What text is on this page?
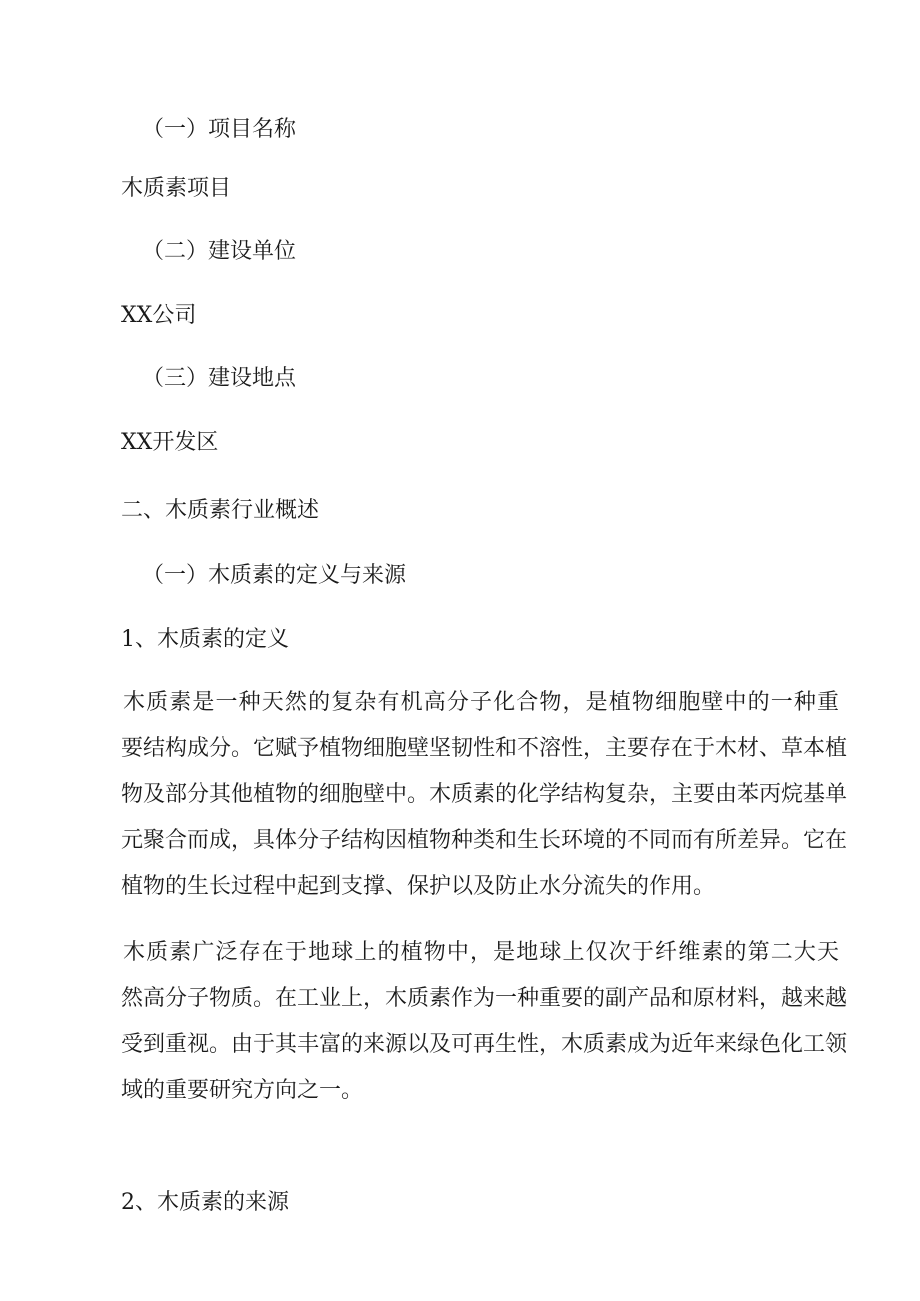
（一）项目名称

木质素项目

（二）建设单位

XX公司

（三）建设地点

XX开发区

二、木质素行业概述

（一）木质素的定义与来源

1、木质素的定义

木质素是一种天然的复杂有机高分子化合物，是植物细胞壁中的一种重
要结构成分。它赋予植物细胞壁坚韧性和不溶性，主要存在于木材、草本植
物及部分其他植物的细胞壁中。木质素的化学结构复杂，主要由苯丙烷基单
元聚合而成，具体分子结构因植物种类和生长环境的不同而有所差异。它在
植物的生长过程中起到支撑、保护以及防止水分流失的作用。
木质素广泛存在于地球上的植物中，是地球上仅次于纤维素的第二大天
然高分子物质。在工业上，木质素作为一种重要的副产品和原材料，越来越
受到重视。由于其丰富的来源以及可再生性，木质素成为近年来绿色化工领
域的重要研究方向之一。

2、木质素的来源
